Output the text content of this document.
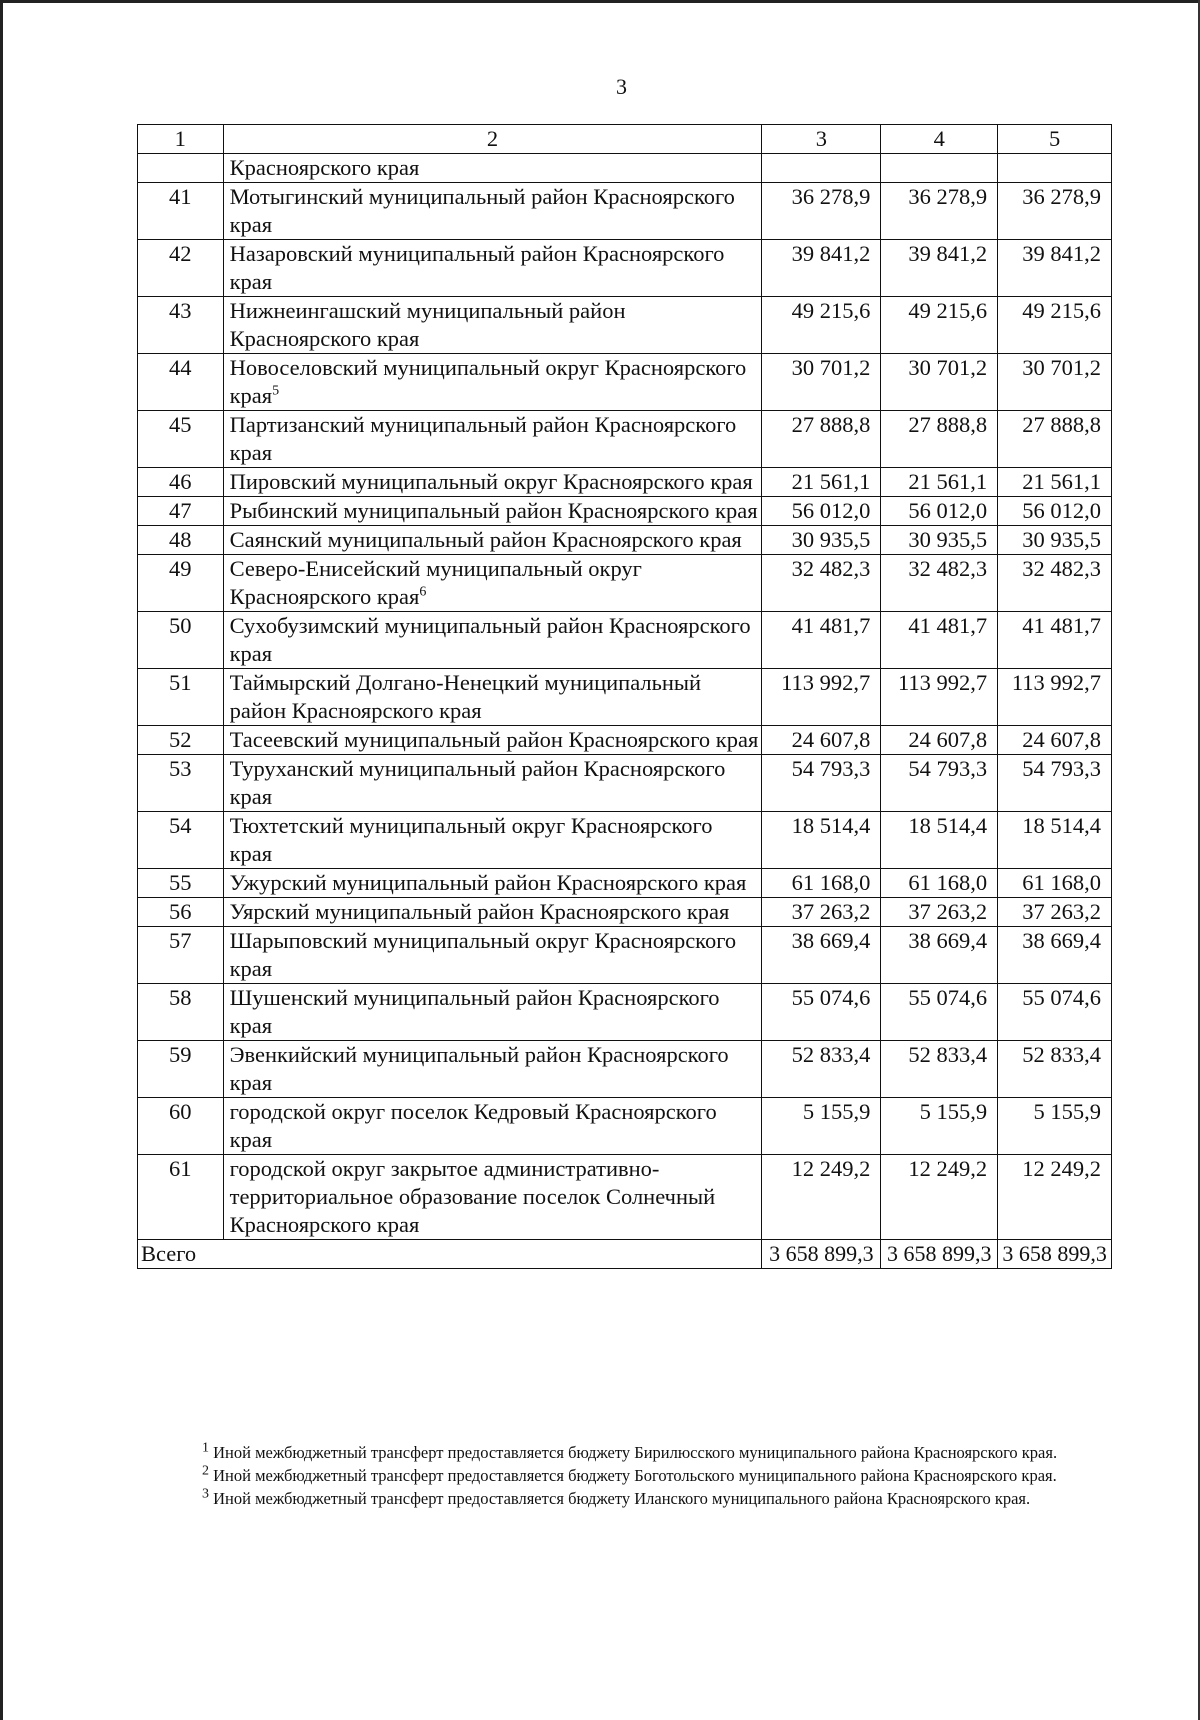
3
1	2	3	4	5
	Красноярского края			
41	Мотыгинский муниципальный район Красноярского края	36 278,9	36 278,9	36 278,9
42	Назаровский муниципальный район Красноярского края	39 841,2	39 841,2	39 841,2
43	Нижнеингашский муниципальный район Красноярского края	49 215,6	49 215,6	49 215,6
44	Новоселовский муниципальный округ Красноярского края$^5$	30 701,2	30 701,2	30 701,2
45	Партизанский муниципальный район Красноярского края	27 888,8	27 888,8	27 888,8
46	Пировский муниципальный округ Красноярского края	21 561,1	21 561,1	21 561,1
47	Рыбинский муниципальный район Красноярского края	56 012,0	56 012,0	56 012,0
48	Саянский муниципальный район Красноярского края	30 935,5	30 935,5	30 935,5
49	Северо-Енисейский муниципальный округ Красноярского края$^6$	32 482,3	32 482,3	32 482,3
50	Сухобузимский муниципальный район Красноярского края	41 481,7	41 481,7	41 481,7
51	Таймырский Долгано-Ненецкий муниципальный район Красноярского края	113 992,7	113 992,7	113 992,7
52	Тасеевский муниципальный район Красноярского края	24 607,8	24 607,8	24 607,8
53	Туруханский муниципальный район Красноярского края	54 793,3	54 793,3	54 793,3
54	Тюхтетский муниципальный округ Красноярского края	18 514,4	18 514,4	18 514,4
55	Ужурский муниципальный район Красноярского края	61 168,0	61 168,0	61 168,0
56	Уярский муниципальный район Красноярского края	37 263,2	37 263,2	37 263,2
57	Шарыповский муниципальный округ Красноярского края	38 669,4	38 669,4	38 669,4
58	Шушенский муниципальный район Красноярского края	55 074,6	55 074,6	55 074,6
59	Эвенкийский муниципальный район Красноярского края	52 833,4	52 833,4	52 833,4
60	городской округ поселок Кедровый Красноярского края	5 155,9	5 155,9	5 155,9
61	городской округ закрытое административно-территориальное образование поселок Солнечный Красноярского края	12 249,2	12 249,2	12 249,2
Всего		3 658 899,3	3 658 899,3	3 658 899,3

$^1$ Иной межбюджетный трансферт предоставляется бюджету Бирилюсского муниципального района Красноярского края.

$^2$ Иной межбюджетный трансферт предоставляется бюджету Боготольского муниципального района Красноярского края.

$^3$ Иной межбюджетный трансферт предоставляется бюджету Иланского муниципального района Красноярского края.
